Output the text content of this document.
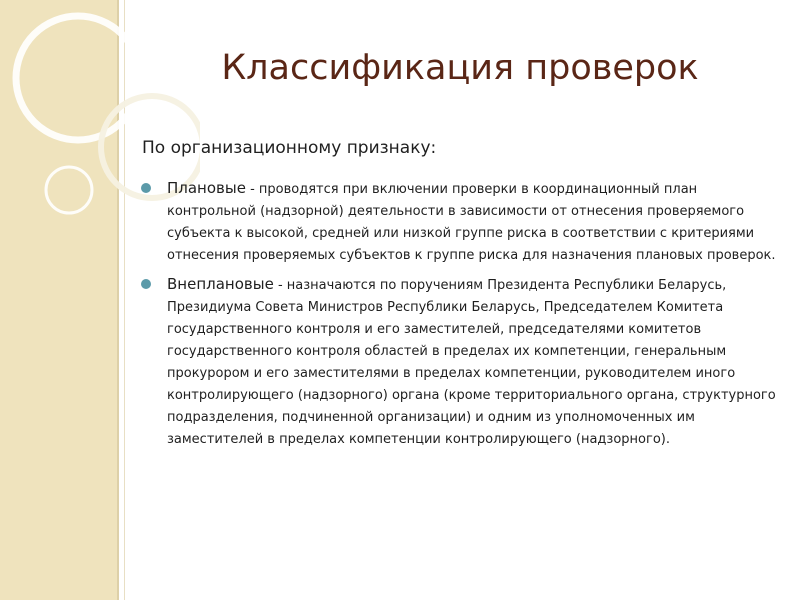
Классификация проверок
По организационному признаку:
Плановые - проводятся при включении проверки в координационный план контрольной (надзорной) деятельности в зависимости от отнесения проверяемого субъекта к высокой, средней или низкой группе риска в соответствии с критериями отнесения проверяемых субъектов к группе риска для назначения плановых проверок.
Внеплановые - назначаются по поручениям Президента Республики Беларусь, Президиума Совета Министров Республики Беларусь, Председателем Комитета государственного контроля и его заместителей, председателями комитетов государственного контроля областей в пределах их компетенции, генеральным прокурором и его заместителями в пределах компетенции, руководителем иного контролирующего (надзорного) органа (кроме территориального органа, структурного подразделения, подчиненной организации) и одним из уполномоченных им заместителей в пределах компетенции контролирующего (надзорного).
